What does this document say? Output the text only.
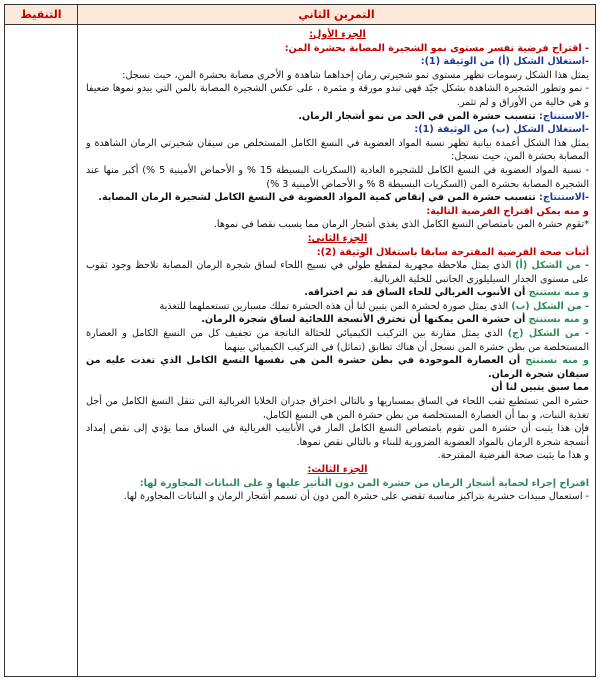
التمرين الثاني
التنقيط

الجزء الأول:

- اقتراح فرضية تفسر مستوى نمو الشجيرة المصابة بحشرة المن:

-استغلال الشكل (أ) من الوثيقة (1):

يمثل هذا الشكل رسومات تظهر مستوى نمو شجيرتي رمان إحداهما شاهدة و الأخرى مصابة بحشرة المن، حيث نسجل:

- نمو وتطور الشجيرة الشاهدة بشكل جيّد فهي تبدو مورقة و مثمرة ، على عكس الشجيرة المصابة بالمن التي يبدو نموها ضعيفا و هي خالية من الأوراق و لم تثمر.

-الاستنتاج: تتسبب حشرة المن في الحد من نمو أشجار الرمان.

-استغلال الشكل (ب) من الوثيقة (1):

يمثل هذا الشكل أعمدة بيانية تظهر نسبة المواد العضوية في النسغ الكامل المستخلص من سيقان شجيرتي الرمان الشاهدة و المصابة بحشرة المن، حيث نسجل:

- نسبة المواد العضوية في النسغ الكامل للشجيرة العادية (السكريات البسيطة 15 % و الأحماض الأمينية 5 %) أكبر منها عند الشجيرة المصابة بحشرة المن (السكريات البسيطة 8 % و الأحماض الأمينية 3 %)

-الاستنتاج: تتسبب حشرة المن في إنقاص كمية المواد العضوية في النسغ الكامل لشجيرة الرمان المصابة.

و منه يمكن اقتراح الفرضية التالية:

*تقوم حشرة المن بامتصاص النسغ الكامل الذي يغذي أشجار الرمان مما يسبب نقصا في نموها.

الجزء الثاني:

أثبات صحة الفرضية المقترحة سابقا باستغلال الوثيقة (2):

- من الشكل (أ) الذي يمثل ملاحظة مجهرية لمقطع طولي في نسيج اللحاء لساق شجرة الرمان المصابة نلاحظ وجود ثقوب على مستوى الجدار السيليلوزي الجانبي للخلية الغربالية.

و منه نستنتج أن الأنبوب الغربالي للحاء الساق قد تم اختراقه.

- من الشكل (ب) الذي يمثل صورة لحشرة المن يتبين لنا أن هذه الحشرة تملك مسبارين تستعملهما للتغذية

و منه نستنتج أن حشرة المن يمكنها أن تخترق الأنسجة اللحائية لساق شجرة الرمان.

- من الشكل (ج) الذي يمثل مقارنة بين التركيب الكيميائي للحثالة الناتجة من تجفيف كل من النسغ الكامل و العصارة المستخلصة من بطن حشرة المن نسجل أن هناك تطابق (تماثل) في التركيب الكيميائي بينهما

و منه نستنتج أن العصارة الموجودة في بطن حشرة المن هي نفسها النسغ الكامل الذي تغذت عليه من سيقان شجرة الرمان.

مما سبق يتبين لنا أن

حشرة المن تستطيع ثقب اللحاء في الساق بمسباريها و بالتالي اختراق جدران الخلايا الغربالية التي تنقل النسغ الكامل من أجل تغذية النبات، و بما أن العصارة المستخلصة من بطن حشرة المن هي النسغ الكامل،

فإن هذا يثبت أن حشرة المن تقوم بامتصاص النسغ الكامل المار في الأنابيب الغربالية في الساق مما يؤدي إلى نقص إمداد أنسجة شجرة الرمان بالمواد العضوية الضرورية للبناء و بالتالي نقص نموها.

و هذا ما يثبت صحة الفرضية المقترحة.

الجزء الثالث:

اقتراح إجراء لحماية أشجار الرمان من حشرة المن دون التأثير عليها و على النباتات المجاورة لها:

- استعمال مبيدات حشرية بتراكيز مناسبة تقضي على حشرة المن دون أن تسمم أشجار الرمان و النباتات المجاورة لها.
